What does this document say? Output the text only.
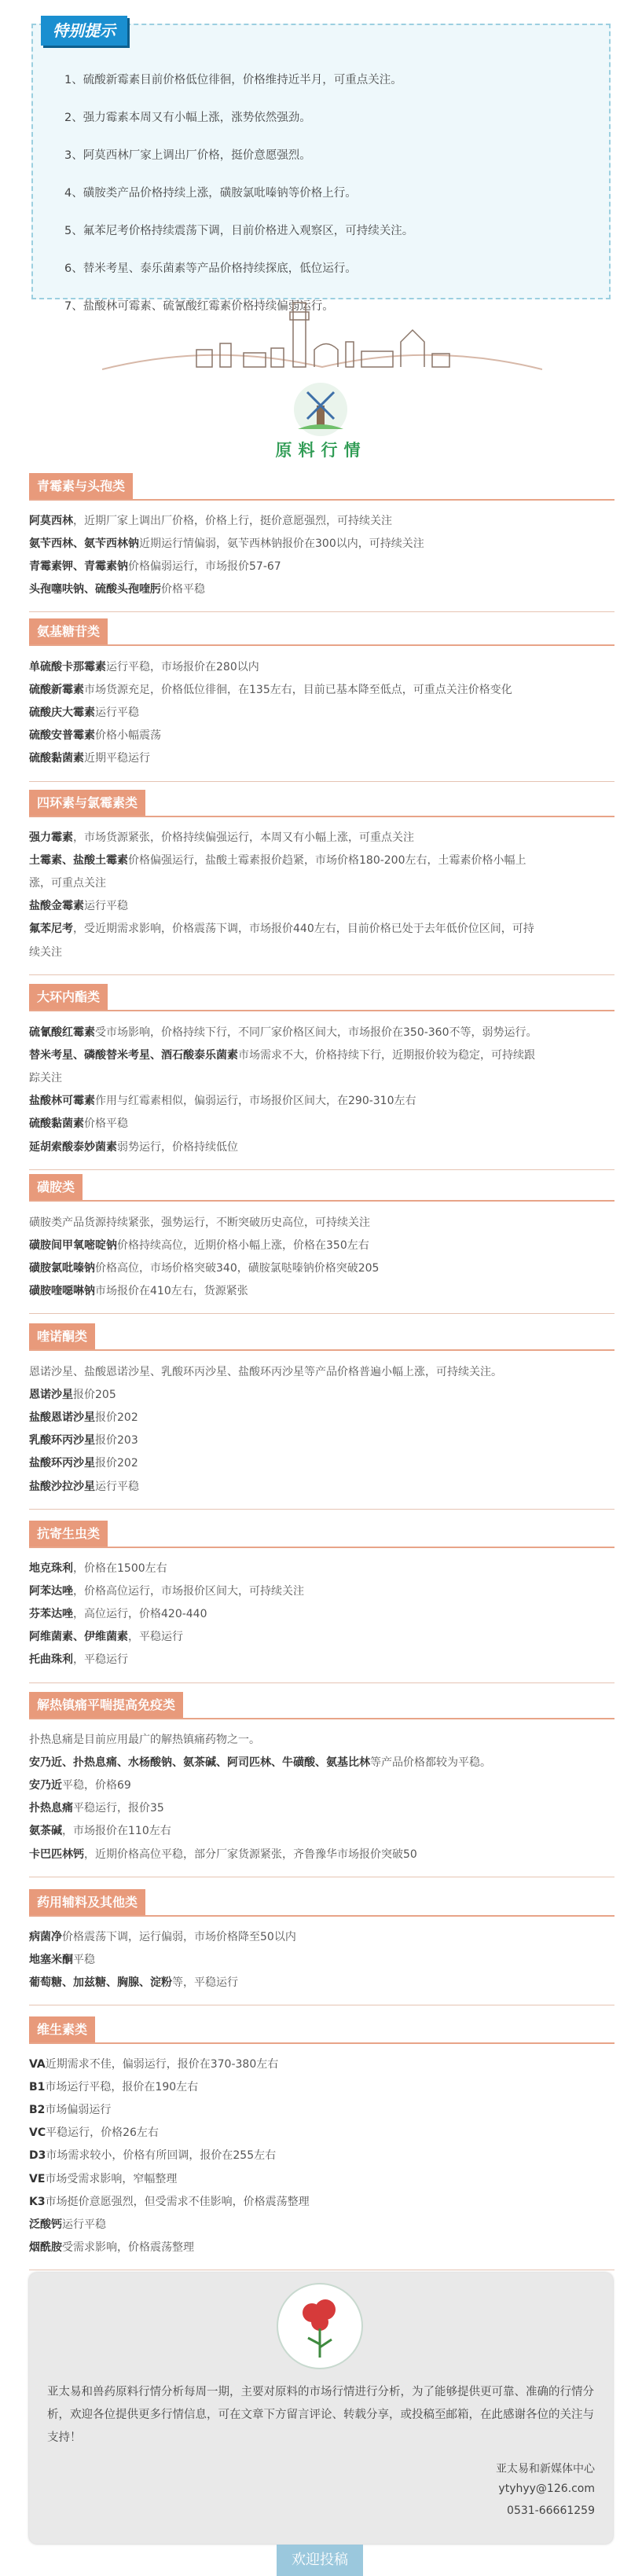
特别提示
1、硫酸新霉素目前价格低位徘徊，价格维持近半月，可重点关注。
2、强力霉素本周又有小幅上涨，涨势依然强劲。
3、阿莫西林厂家上调出厂价格，挺价意愿强烈。
4、磺胺类产品价格持续上涨，磺胺氯吡嗪钠等价格上行。
5、氟苯尼考价格持续震荡下调，目前价格进入观察区，可持续关注。
6、替米考星、泰乐菌素等产品价格持续探底，低位运行。
7、盐酸林可霉素、硫氰酸红霉素价格持续偏弱运行。
原料行情
青霉素与头孢类
阿莫西林，近期厂家上调出厂价格，价格上行，挺价意愿强烈，可持续关注
氨苄西林、氨苄西林钠近期运行情偏弱，氨苄西林钠报价在300以内，可持续关注
青霉素钾、青霉素钠价格偏弱运行，市场报价57-67
头孢噻呋钠、硫酸头孢喹肟价格平稳
氨基糖苷类
单硫酸卡那霉素运行平稳，市场报价在280以内
硫酸新霉素市场货源充足，价格低位徘徊，在135左右，目前已基本降至低点，可重点关注价格变化
硫酸庆大霉素运行平稳
硫酸安普霉素价格小幅震荡
硫酸黏菌素近期平稳运行
四环素与氯霉素类
强力霉素，市场货源紧张，价格持续偏强运行，本周又有小幅上涨，可重点关注
土霉素、盐酸土霉素价格偏强运行，盐酸土霉素报价趋紧，市场价格180-200左右，土霉素价格小幅上
涨，可重点关注
盐酸金霉素运行平稳
氟苯尼考，受近期需求影响，价格震荡下调，市场报价440左右，目前价格已处于去年低价位区间，可持
续关注
大环内酯类
硫氰酸红霉素受市场影响，价格持续下行，不同厂家价格区间大，市场报价在350-360不等，弱势运行。
替米考星、磷酸替米考星、酒石酸泰乐菌素市场需求不大，价格持续下行，近期报价较为稳定，可持续跟
踪关注
盐酸林可霉素作用与红霉素相似，偏弱运行，市场报价区间大，在290-310左右
硫酸黏菌素价格平稳
延胡索酸泰妙菌素弱势运行，价格持续低位
磺胺类
磺胺类产品货源持续紧张，强势运行，不断突破历史高位，可持续关注
磺胺间甲氧嘧啶钠价格持续高位，近期价格小幅上涨，价格在350左右
磺胺氯吡嗪钠价格高位，市场价格突破340，磺胺氯哒嗪钠价格突破205
磺胺喹噁啉钠市场报价在410左右，货源紧张
喹诺酮类
恩诺沙星、盐酸恩诺沙星、乳酸环丙沙星、盐酸环丙沙星等产品价格普遍小幅上涨，可持续关注。
恩诺沙星报价205
盐酸恩诺沙星报价202
乳酸环丙沙星报价203
盐酸环丙沙星报价202
盐酸沙拉沙星运行平稳
抗寄生虫类
地克珠利，价格在1500左右
阿苯达唑，价格高位运行，市场报价区间大，可持续关注
芬苯达唑，高位运行，价格420-440
阿维菌素、伊维菌素，平稳运行
托曲珠利，平稳运行
解热镇痛平喘提高免疫类
扑热息痛是目前应用最广的解热镇痛药物之一。
安乃近、扑热息痛、水杨酸钠、氨茶碱、阿司匹林、牛磺酸、氨基比林等产品价格都较为平稳。
安乃近平稳，价格69
扑热息痛平稳运行，报价35
氨茶碱，市场报价在110左右
卡巴匹林钙，近期价格高位平稳，部分厂家货源紧张，齐鲁豫华市场报价突破50
药用辅料及其他类
病菌净价格震荡下调，运行偏弱，市场价格降至50以内
地塞米酮平稳
葡萄糖、加兹糖、胸腺、淀粉等，平稳运行
维生素类
VA近期需求不佳，偏弱运行，报价在370-380左右
B1市场运行平稳，报价在190左右
B2市场偏弱运行
VC平稳运行，价格26左右
D3市场需求较小，价格有所回调，报价在255左右
VE市场受需求影响，窄幅整理
K3市场挺价意愿强烈，但受需求不佳影响，价格震荡整理
泛酸钙运行平稳
烟酰胺受需求影响，价格震荡整理
亚太易和兽药原料行情分析每周一期，主要对原料的市场行情进行分析，为了能够提供更可靠、准确的行情分析，欢迎各位提供更多行情信息，可在文章下方留言评论、转载分享，或投稿至邮箱，在此感谢各位的关注与支持！
亚太易和新媒体中心
ytyhyy@126.com
0531-66661259
欢迎投稿
